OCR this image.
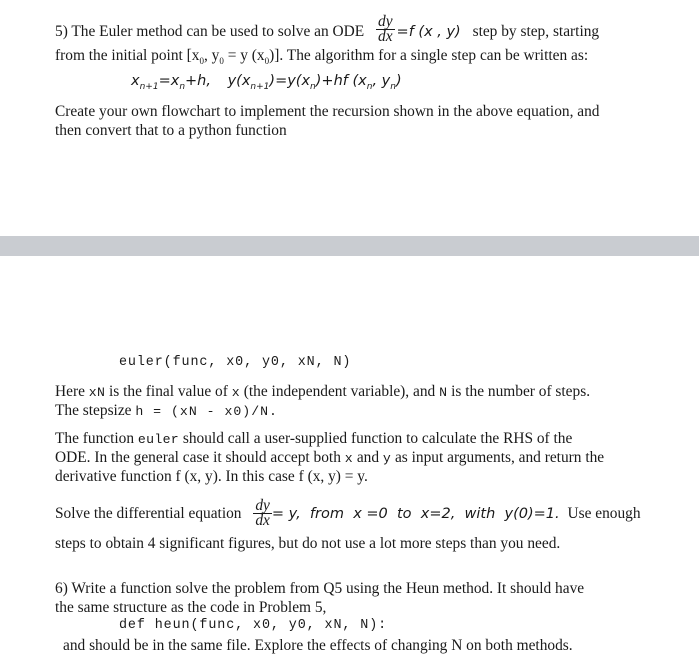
5) The Euler method can be used to solve an ODE $\frac{dy}{dx} =f$ (x , y) step by step, starting
from the initial point [$x_0$, $y_0 = y$ $(x_0)$]. The algorithm for a single step can be written as:
$x_{n+1}=x_n+h$, $y(x_{n+1})=y(x_n)+hf$ ($x_n$, $y_n$)
Create your own flowchart to implement the recursion shown in the above equation, and
then convert that to a python function
euler(func, x0, y0, xN, N)
Here xN is the final value of x (the independent variable), and N is the number of steps.
The stepsize h = (xN - x0)/N.
The function euler should call a user-supplied function to calculate the RHS of the
ODE. In the general case it should accept both x and y as input arguments, and return the
derivative function f (x, y). In this case f (x, y) = y.
Solve the differential equation $\frac{dy}{dx} = y$,  from  x =0  to  x=2,  with  y(0)=1. Use enough
steps to obtain 4 significant figures, but do not use a lot more steps than you need.
6) Write a function solve the problem from Q5 using the Heun method. It should have
the same structure as the code in Problem 5,
def heun(func, x0, y0, xN, N):
and should be in the same file. Explore the effects of changing N on both methods.
